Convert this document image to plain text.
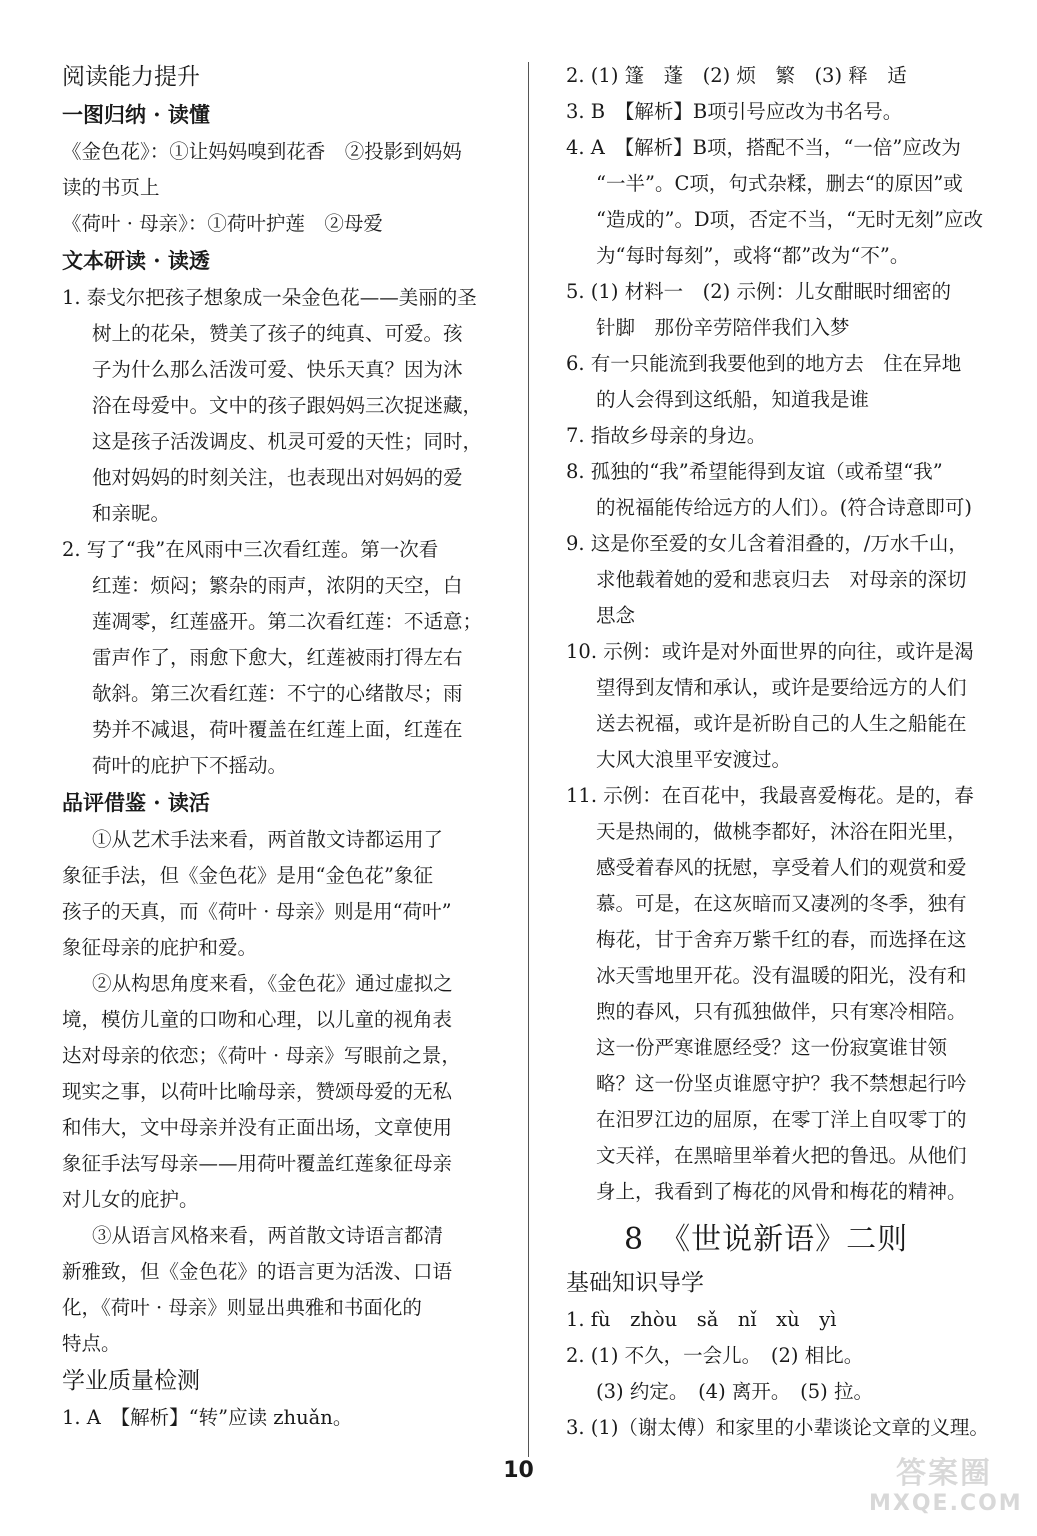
阅读能力提升
一图归纳 · 读懂
《金色花》：①让妈妈嗅到花香　②投影到妈妈
读的书页上
《荷叶 · 母亲》：①荷叶护莲　②母爱
文本研读 · 读透
1. 泰戈尔把孩子想象成一朵金色花——美丽的圣
树上的花朵，赞美了孩子的纯真、可爱。孩
子为什么那么活泼可爱、快乐天真？因为沐
浴在母爱中。文中的孩子跟妈妈三次捉迷藏，
这是孩子活泼调皮、机灵可爱的天性；同时，
他对妈妈的时刻关注，也表现出对妈妈的爱
和亲昵。
2. 写了“我”在风雨中三次看红莲。第一次看
红莲：烦闷；繁杂的雨声，浓阴的天空，白
莲凋零，红莲盛开。第二次看红莲：不适意；
雷声作了，雨愈下愈大，红莲被雨打得左右
欹斜。第三次看红莲：不宁的心绪散尽；雨
势并不减退，荷叶覆盖在红莲上面，红莲在
荷叶的庇护下不摇动。
品评借鉴 · 读活
①从艺术手法来看，两首散文诗都运用了
象征手法，但《金色花》是用“金色花”象征
孩子的天真，而《荷叶 · 母亲》则是用“荷叶”
象征母亲的庇护和爱。
②从构思角度来看，《金色花》通过虚拟之
境，模仿儿童的口吻和心理，以儿童的视角表
达对母亲的依恋；《荷叶 · 母亲》写眼前之景，
现实之事，以荷叶比喻母亲，赞颂母爱的无私
和伟大，文中母亲并没有正面出场，文章使用
象征手法写母亲——用荷叶覆盖红莲象征母亲
对儿女的庇护。
③从语言风格来看，两首散文诗语言都清
新雅致，但《金色花》的语言更为活泼、口语
化，《荷叶 · 母亲》则显出典雅和书面化的
特点。
学业质量检测
1. A　【解析】“转”应读 zhuǎn。
2. (1) 篷　蓬　(2) 烦　繁　(3) 释　适
3. B　【解析】B项引号应改为书名号。
4. A　【解析】B项，搭配不当，“一倍”应改为
“一半”。C项，句式杂糅，删去“的原因”或
“造成的”。D项，否定不当，“无时无刻”应改
为“每时每刻”，或将“都”改为“不”。
5. (1) 材料一　(2) 示例：儿女酣眠时细密的
针脚　那份辛劳陪伴我们入梦
6. 有一只能流到我要他到的地方去　住在异地
的人会得到这纸船，知道我是谁
7. 指故乡母亲的身边。
8. 孤独的“我”希望能得到友谊（或希望“我”
的祝福能传给远方的人们）。(符合诗意即可)
9. 这是你至爱的女儿含着泪叠的，/万水千山，
求他载着她的爱和悲哀归去　对母亲的深切
思念
10. 示例：或许是对外面世界的向往，或许是渴
望得到友情和承认，或许是要给远方的人们
送去祝福，或许是祈盼自己的人生之船能在
大风大浪里平安渡过。
11. 示例：在百花中，我最喜爱梅花。是的，春
天是热闹的，做桃李都好，沐浴在阳光里，
感受着春风的抚慰，享受着人们的观赏和爱
慕。可是，在这灰暗而又凄冽的冬季，独有
梅花，甘于舍弃万紫千红的春，而选择在这
冰天雪地里开花。没有温暖的阳光，没有和
煦的春风，只有孤独做伴，只有寒冷相陪。
这一份严寒谁愿经受？这一份寂寞谁甘领
略？这一份坚贞谁愿守护？我不禁想起行吟
在汨罗江边的屈原，在零丁洋上自叹零丁的
文天祥，在黑暗里举着火把的鲁迅。从他们
身上，我看到了梅花的风骨和梅花的精神。
8　《世说新语》二则
基础知识导学
1. fù　zhòu　sǎ　nǐ　xù　yì
2. (1) 不久，一会儿。　(2) 相比。
(3) 约定。　(4) 离开。　(5) 拉。
3. (1)（谢太傅）和家里的小辈谈论文章的义理。
10	答案圈
MXQE.COM
